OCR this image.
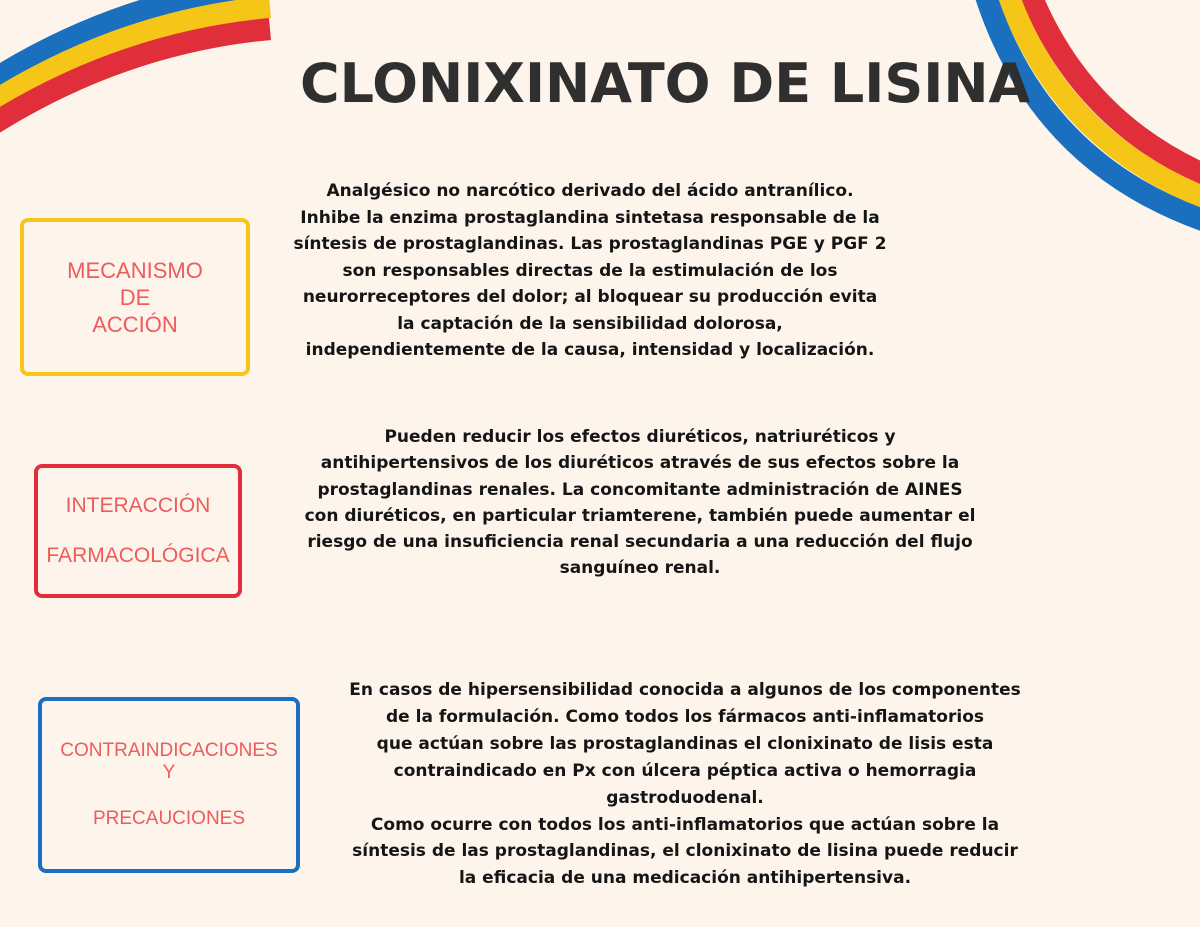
CLONIXINATO DE LISINA
MECANISMO
DE
ACCIÓN
Analgésico no narcótico derivado del ácido antranílico.
Inhibe la enzima prostaglandina sintetasa responsable de la
síntesis de prostaglandinas. Las prostaglandinas PGE y PGF 2
son responsables directas de la estimulación de los
neurorreceptores del dolor; al bloquear su producción evita
la captación de la sensibilidad dolorosa,
independientemente de la causa, intensidad y localización.
INTERACCIÓN
FARMACOLÓGICA
Pueden reducir los efectos diuréticos, natriuréticos y
antihipertensivos de los diuréticos através de sus efectos sobre la
prostaglandinas renales. La concomitante administración de AINES
con diuréticos, en particular triamterene, también puede aumentar el
riesgo de una insuficiencia renal secundaria a una reducción del flujo
sanguíneo renal.
CONTRAINDICACIONES
Y
PRECAUCIONES
En casos de hipersensibilidad conocida a algunos de los componentes
de la formulación. Como todos los fármacos anti-inflamatorios
que actúan sobre las prostaglandinas el clonixinato de lisis esta
contraindicado en Px con úlcera péptica activa o hemorragia
gastroduodenal.
Como ocurre con todos los anti-inflamatorios que actúan sobre la
síntesis de las prostaglandinas, el clonixinato de lisina puede reducir
la eficacia de una medicación antihipertensiva.
